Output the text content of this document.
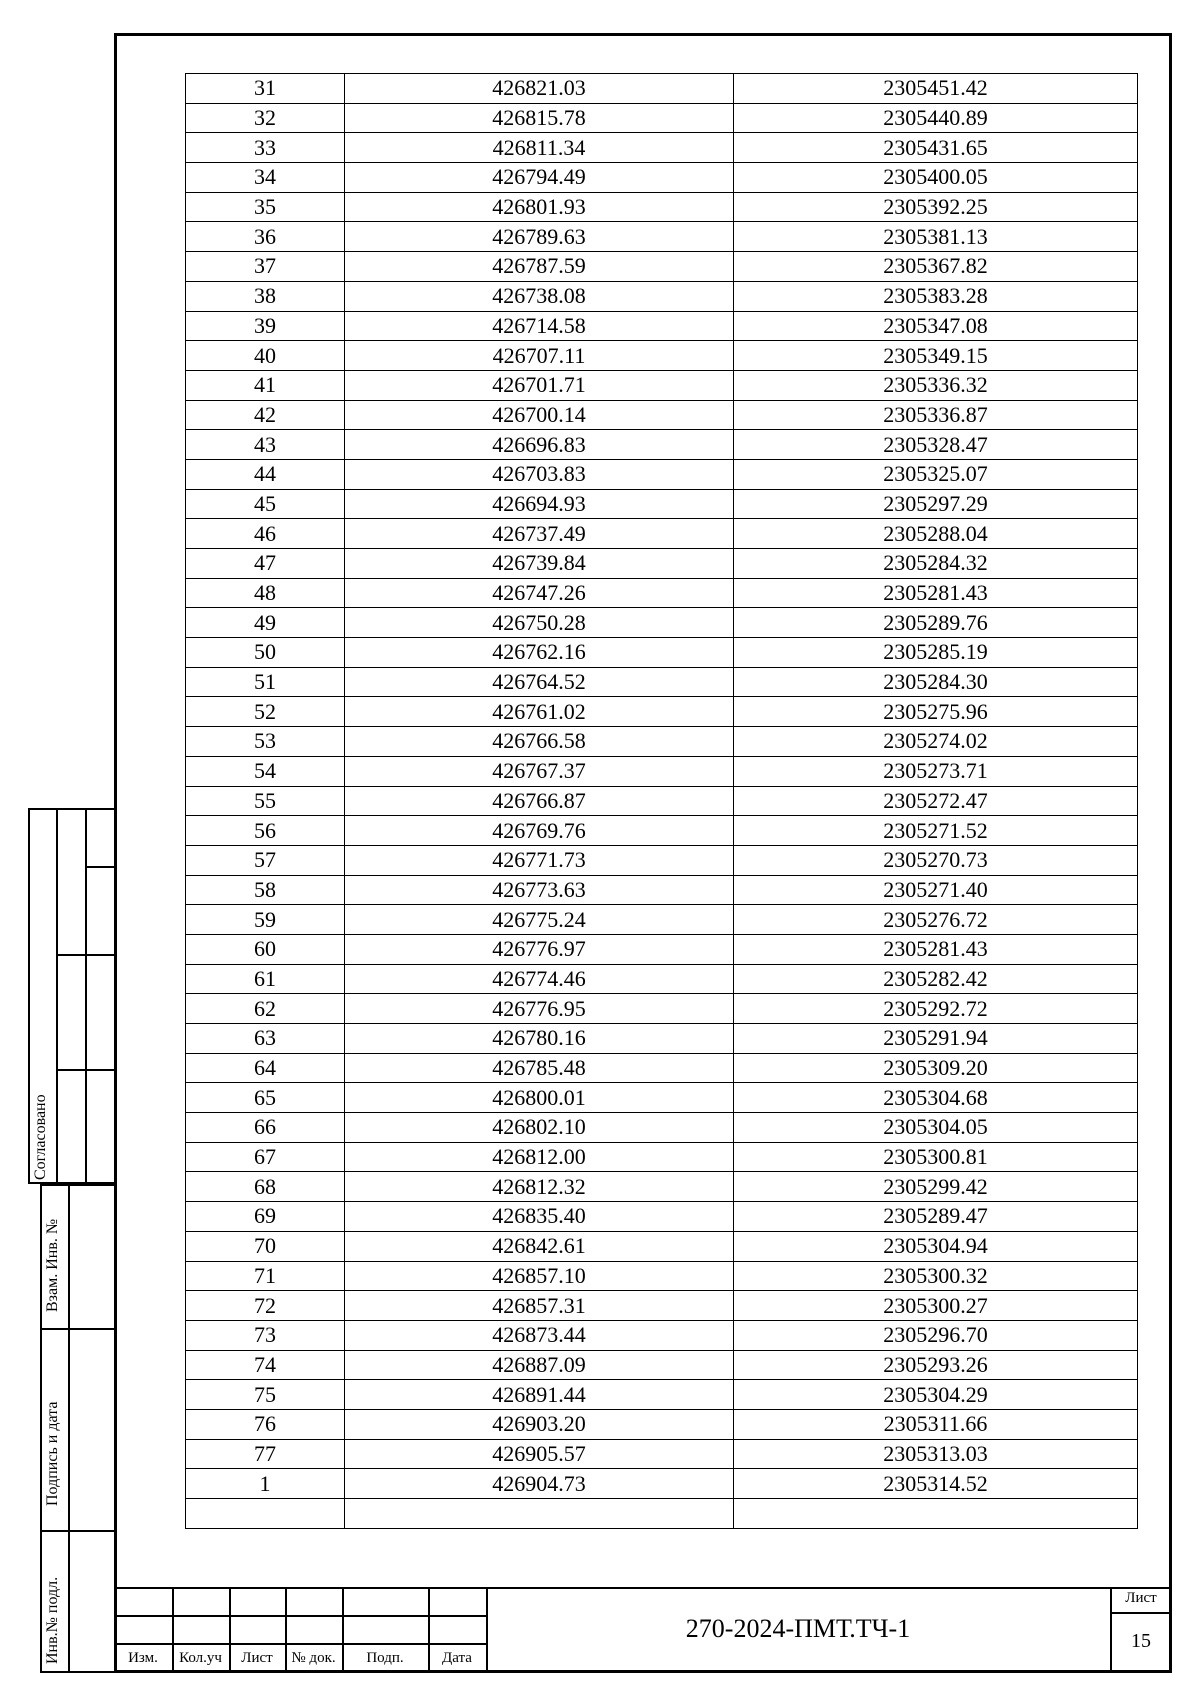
31	426821.03	2305451.42
32	426815.78	2305440.89
33	426811.34	2305431.65
34	426794.49	2305400.05
35	426801.93	2305392.25
36	426789.63	2305381.13
37	426787.59	2305367.82
38	426738.08	2305383.28
39	426714.58	2305347.08
40	426707.11	2305349.15
41	426701.71	2305336.32
42	426700.14	2305336.87
43	426696.83	2305328.47
44	426703.83	2305325.07
45	426694.93	2305297.29
46	426737.49	2305288.04
47	426739.84	2305284.32
48	426747.26	2305281.43
49	426750.28	2305289.76
50	426762.16	2305285.19
51	426764.52	2305284.30
52	426761.02	2305275.96
53	426766.58	2305274.02
54	426767.37	2305273.71
55	426766.87	2305272.47
56	426769.76	2305271.52
57	426771.73	2305270.73
58	426773.63	2305271.40
59	426775.24	2305276.72
60	426776.97	2305281.43
61	426774.46	2305282.42
62	426776.95	2305292.72
63	426780.16	2305291.94
64	426785.48	2305309.20
65	426800.01	2305304.68
66	426802.10	2305304.05
67	426812.00	2305300.81
68	426812.32	2305299.42
69	426835.40	2305289.47
70	426842.61	2305304.94
71	426857.10	2305300.32
72	426857.31	2305300.27
73	426873.44	2305296.70
74	426887.09	2305293.26
75	426891.44	2305304.29
76	426903.20	2305311.66
77	426905.57	2305313.03
1	426904.73	2305314.52

Согласовано
Взам. Инв. №
Подпись и дата
Инв.№ подл.	Изм.	Кол.уч	Лист	№ док.	Подп.	Дата
270-2024-ПМТ.ТЧ-1
Лист
15
